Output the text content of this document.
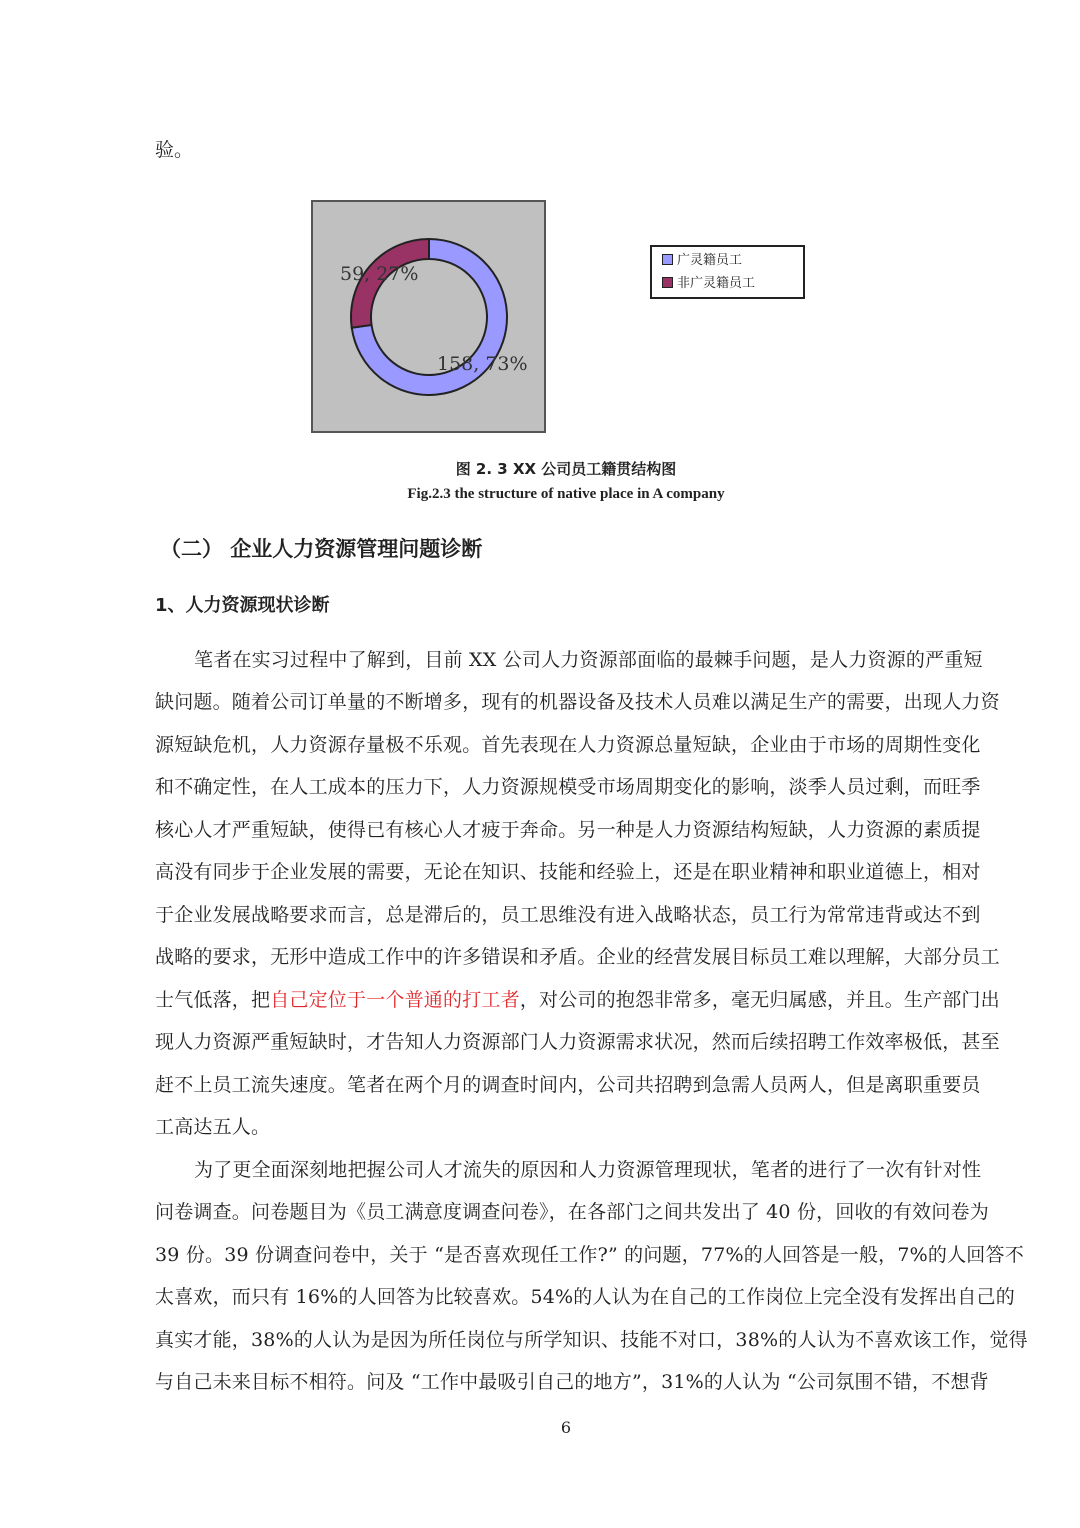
验。
158, 73%
59, 27%
广灵籍员工
非广灵籍员工
图 2. 3 XX 公司员工籍贯结构图
Fig.2.3 the structure of native place in A company
（二） 企业人力资源管理问题诊断
1、人力资源现状诊断
笔者在实习过程中了解到，目前 XX 公司人力资源部面临的最棘手问题，是人力资源的严重短
缺问题。随着公司订单量的不断增多，现有的机器设备及技术人员难以满足生产的需要，出现人力资
源短缺危机，人力资源存量极不乐观。首先表现在人力资源总量短缺，企业由于市场的周期性变化
和不确定性，在人工成本的压力下，人力资源规模受市场周期变化的影响，淡季人员过剩，而旺季
核心人才严重短缺，使得已有核心人才疲于奔命。另一种是人力资源结构短缺，人力资源的素质提
高没有同步于企业发展的需要，无论在知识、技能和经验上，还是在职业精神和职业道德上，相对
于企业发展战略要求而言，总是滞后的，员工思维没有进入战略状态，员工行为常常违背或达不到
战略的要求，无形中造成工作中的许多错误和矛盾。企业的经营发展目标员工难以理解，大部分员工
士气低落，把自己定位于一个普通的打工者，对公司的抱怨非常多，毫无归属感，并且。生产部门出
现人力资源严重短缺时，才告知人力资源部门人力资源需求状况，然而后续招聘工作效率极低，甚至
赶不上员工流失速度。笔者在两个月的调查时间内，公司共招聘到急需人员两人，但是离职重要员
工高达五人。
为了更全面深刻地把握公司人才流失的原因和人力资源管理现状，笔者的进行了一次有针对性
问卷调查。问卷题目为《员工满意度调查问卷》，在各部门之间共发出了 40 份，回收的有效问卷为
39 份。39 份调查问卷中，关于 “是否喜欢现任工作?” 的问题，77%的人回答是一般，7%的人回答不
太喜欢，而只有 16%的人回答为比较喜欢。54%的人认为在自己的工作岗位上完全没有发挥出自己的
真实才能，38%的人认为是因为所任岗位与所学知识、技能不对口，38%的人认为不喜欢该工作，觉得
与自己未来目标不相符。问及 “工作中最吸引自己的地方”，31%的人认为 “公司氛围不错，不想背
6
